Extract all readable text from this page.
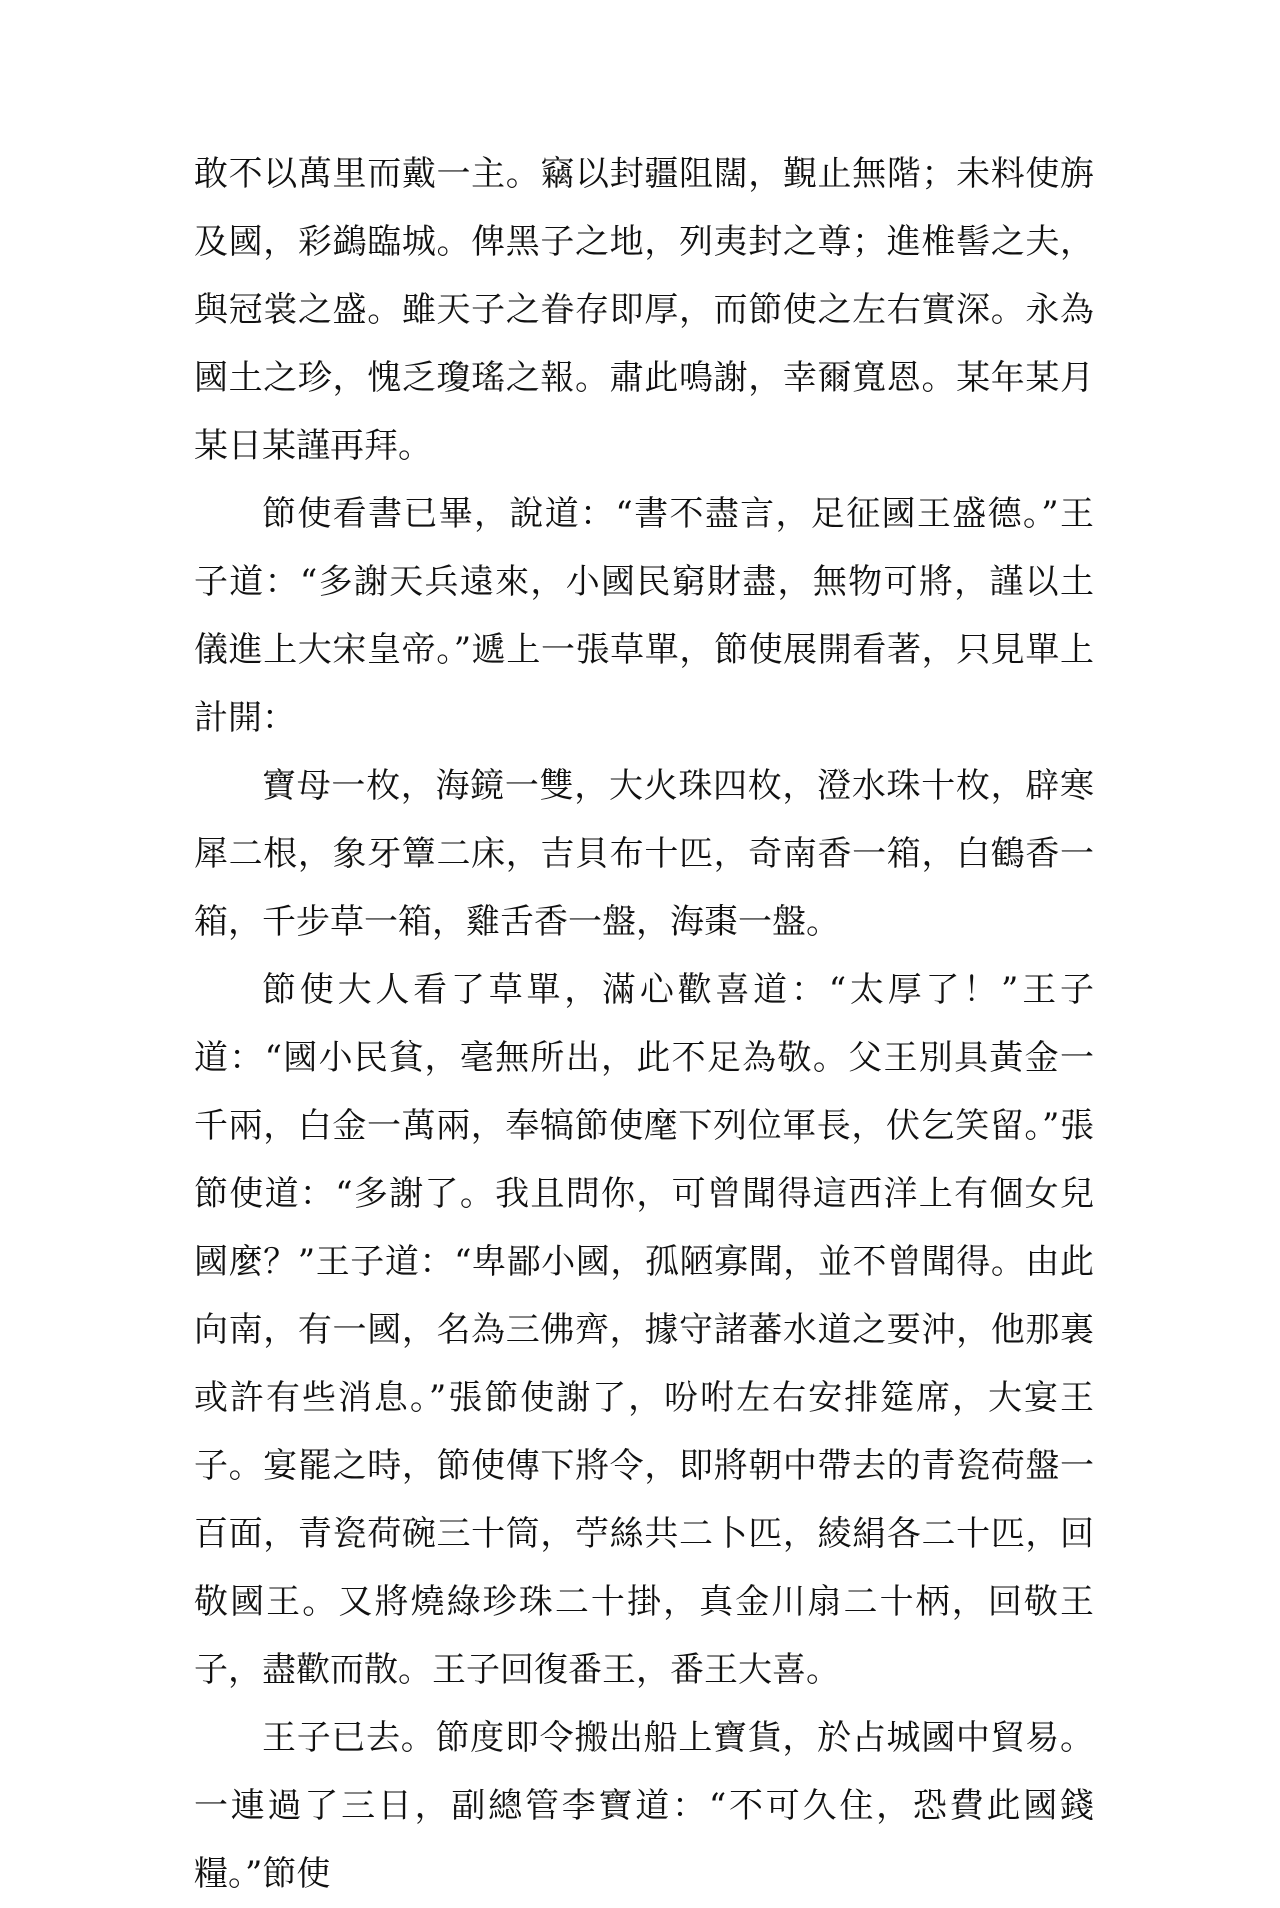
敢不以萬里而戴一主。竊以封疆阻闊，覲止無階；未料使旃及國，彩鷁臨城。俾黑子之地，列夷封之尊；進椎髻之夫，與冠裳之盛。雖天子之眷存即厚，而節使之左右實深。永為國土之珍，愧乏瓊瑤之報。肅此鳴謝，幸爾寬恩。某年某月某日某謹再拜。

節使看書已畢，說道：“書不盡言，足征國王盛德。”王子道：“多謝天兵遠來，小國民窮財盡，無物可將，謹以土儀進上大宋皇帝。”遞上一張草單，節使展開看著，只見單上計開：

寶母一枚，海鏡一雙，大火珠四枚，澄水珠十枚，辟寒犀二根，象牙簟二床，吉貝布十匹，奇南香一箱，白鶴香一箱，千步草一箱，雞舌香一盤，海棗一盤。

節使大人看了草單，滿心歡喜道：“太厚了！”王子道：“國小民貧，毫無所出，此不足為敬。父王別具黃金一千兩，白金一萬兩，奉犒節使麾下列位軍長，伏乞笑留。”張節使道：“多謝了。我且問你，可曾聞得這西洋上有個女兒國麼？”王子道：“卑鄙小國，孤陋寡聞，並不曾聞得。由此向南，有一國，名為三佛齊，據守諸蕃水道之要沖，他那裏或許有些消息。”張節使謝了，吩咐左右安排筵席，大宴王子。宴罷之時，節使傳下將令，即將朝中帶去的青瓷荷盤一百面，青瓷荷碗三十筒，苧絲共二卜匹，綾絹各二十匹，回敬國王。又將燒綠珍珠二十掛，真金川扇二十柄，回敬王子，盡歡而散。王子回復番王，番王大喜。

王子已去。節度即令搬出船上寶貨，於占城國中貿易。一連過了三日，副總管李寶道：“不可久住，恐費此國錢糧。”節使
